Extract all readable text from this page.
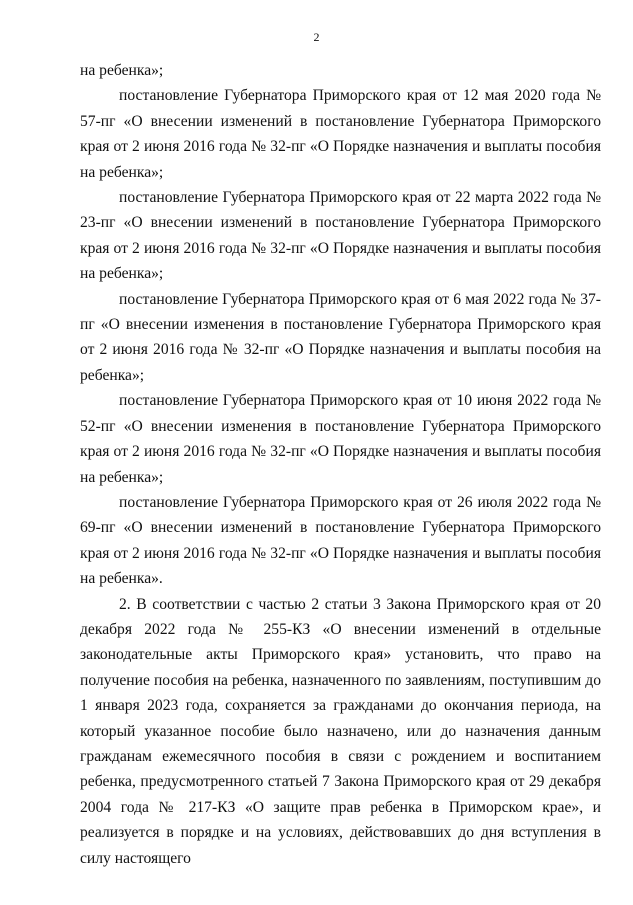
2

на ребенка»;

постановление Губернатора Приморского края от 12 мая 2020 года № 57-пг «О внесении изменений в постановление Губернатора Приморского края от 2 июня 2016 года № 32-пг «О Порядке назначения и выплаты пособия на ребенка»;

постановление Губернатора Приморского края от 22 марта 2022 года № 23-пг «О внесении изменений в постановление Губернатора Приморского края от 2 июня 2016 года № 32-пг «О Порядке назначения и выплаты пособия на ребенка»;

постановление Губернатора Приморского края от 6 мая 2022 года № 37-пг «О внесении изменения в постановление Губернатора Приморского края от 2 июня 2016 года № 32-пг «О Порядке назначения и выплаты пособия на ребенка»;

постановление Губернатора Приморского края от 10 июня 2022 года № 52-пг «О внесении изменения в постановление Губернатора Приморского края от 2 июня 2016 года № 32-пг «О Порядке назначения и выплаты пособия на ребенка»;

постановление Губернатора Приморского края от 26 июля 2022 года № 69-пг «О внесении изменений в постановление Губернатора Приморского края от 2 июня 2016 года № 32-пг «О Порядке назначения и выплаты пособия на ребенка».

2. В соответствии с частью 2 статьи 3 Закона Приморского края от 20 декабря 2022 года № 255-КЗ «О внесении изменений в отдельные законодательные акты Приморского края» установить, что право на получение пособия на ребенка, назначенного по заявлениям, поступившим до 1 января 2023 года, сохраняется за гражданами до окончания периода, на который указанное пособие было назначено, или до назначения данным гражданам ежемесячного пособия в связи с рождением и воспитанием ребенка, предусмотренного статьей 7 Закона Приморского края от 29 декабря 2004 года № 217-КЗ «О защите прав ребенка в Приморском крае», и реализуется в порядке и на условиях, действовавших до дня вступления в силу настоящего
